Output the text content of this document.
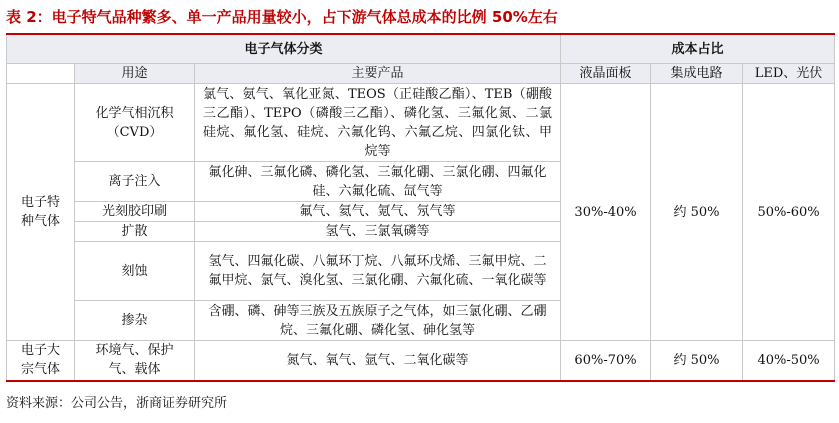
表 2：电子特气品种繁多、单一产品用量较小，占下游气体总成本的比例 50%左右
电子气体分类			成本占比		
	用途	主要产品	液晶面板	集成电路	LED、光伏
电子特种气体	化学气相沉积（CVD）	氯气、氨气、氧化亚氮、TEOS（正硅酸乙酯）、TEB（硼酸三乙酯）、TEPO（磷酸三乙酯）、磷化氢、三氟化氮、二氯硅烷、氟化氢、硅烷、六氟化钨、六氟乙烷、四氯化钛、甲烷等	30%-40%	约 50%	50%-60%
	离子注入	氟化砷、三氟化磷、磷化氢、三氟化硼、三氯化硼、四氟化硅、六氟化硫、氙气等			
	光刻胶印刷	氟气、氦气、氪气、氖气等			
	扩散	氢气、三氯氧磷等			
	刻蚀	氢气、四氟化碳、八氟环丁烷、八氟环戊烯、三氟甲烷、二氟甲烷、氯气、溴化氢、三氯化硼、六氟化硫、一氧化碳等			
	掺杂	含硼、磷、砷等三族及五族原子之气体，如三氯化硼、乙硼烷、三氟化硼、磷化氢、砷化氢等			
电子大宗气体	环境气、保护气、载体	氮气、氧气、氩气、二氧化碳等	60%-70%	约 50%	40%-50%
资料来源：公司公告，浙商证券研究所
